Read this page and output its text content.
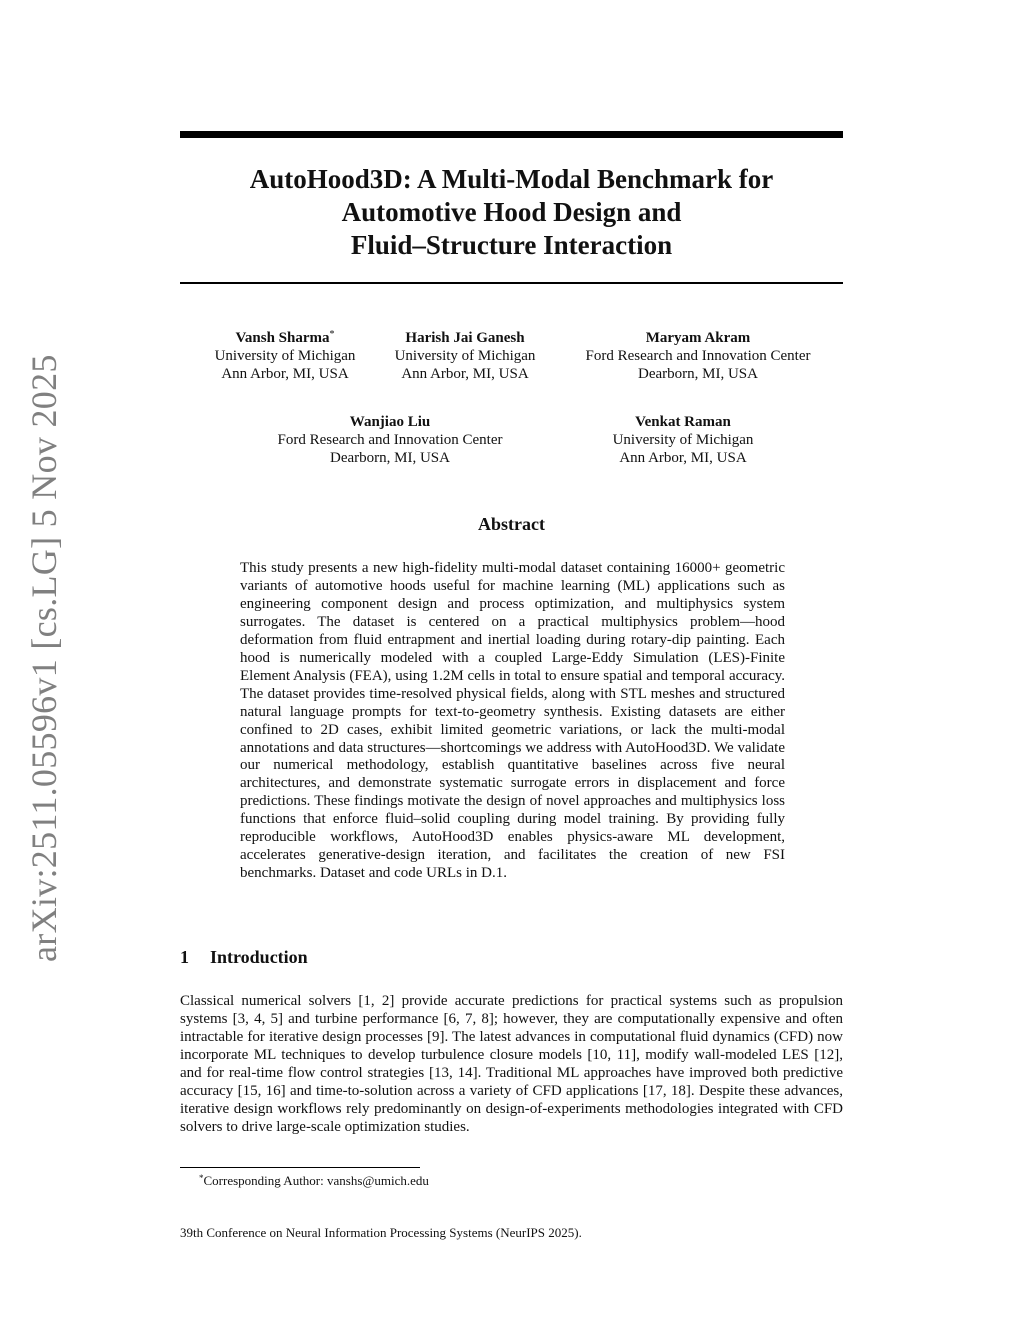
arXiv:2511.05596v1 [cs.LG] 5 Nov 2025
AutoHood3D: A Multi-Modal Benchmark for
Automotive Hood Design and
Fluid–Structure Interaction
Vansh Sharma*
University of Michigan
Ann Arbor, MI, USA
Harish Jai Ganesh
University of Michigan
Ann Arbor, MI, USA
Maryam Akram
Ford Research and Innovation Center
Dearborn, MI, USA
Wanjiao Liu
Ford Research and Innovation Center
Dearborn, MI, USA
Venkat Raman
University of Michigan
Ann Arbor, MI, USA
Abstract

This study presents a new high-fidelity multi-modal dataset containing 16000+ geometric variants of automotive hoods useful for machine learning (ML) applications such as engineering component design and process optimization, and multiphysics system surrogates. The dataset is centered on a practical multiphysics problem—hood deformation from fluid entrapment and inertial loading during rotary-dip painting. Each hood is numerically modeled with a coupled Large-Eddy Simulation (LES)-Finite Element Analysis (FEA), using 1.2M cells in total to ensure spatial and temporal accuracy. The dataset provides time-resolved physical fields, along with STL meshes and structured natural language prompts for text-to-geometry synthesis. Existing datasets are either confined to 2D cases, exhibit limited geometric variations, or lack the multi-modal annotations and data structures—shortcomings we address with AutoHood3D. We validate our numerical methodology, establish quantitative baselines across five neural architectures, and demonstrate systematic surrogate errors in displacement and force predictions. These findings motivate the design of novel approaches and multiphysics loss functions that enforce fluid–solid coupling during model training. By providing fully reproducible workflows, AutoHood3D enables physics-aware ML development, accelerates generative-design iteration, and facilitates the creation of new FSI benchmarks. Dataset and code URLs in D.1.

1 Introduction

Classical numerical solvers [1, 2] provide accurate predictions for practical systems such as propulsion systems [3, 4, 5] and turbine performance [6, 7, 8]; however, they are computationally expensive and often intractable for iterative design processes [9]. The latest advances in computational fluid dynamics (CFD) now incorporate ML techniques to develop turbulence closure models [10, 11], modify wall-modeled LES [12], and for real-time flow control strategies [13, 14]. Traditional ML approaches have improved both predictive accuracy [15, 16] and time-to-solution across a variety of CFD applications [17, 18]. Despite these advances, iterative design workflows rely predominantly on design-of-experiments methodologies integrated with CFD solvers to drive large-scale optimization studies.

*Corresponding Author: vanshs@umich.edu

39th Conference on Neural Information Processing Systems (NeurIPS 2025).
